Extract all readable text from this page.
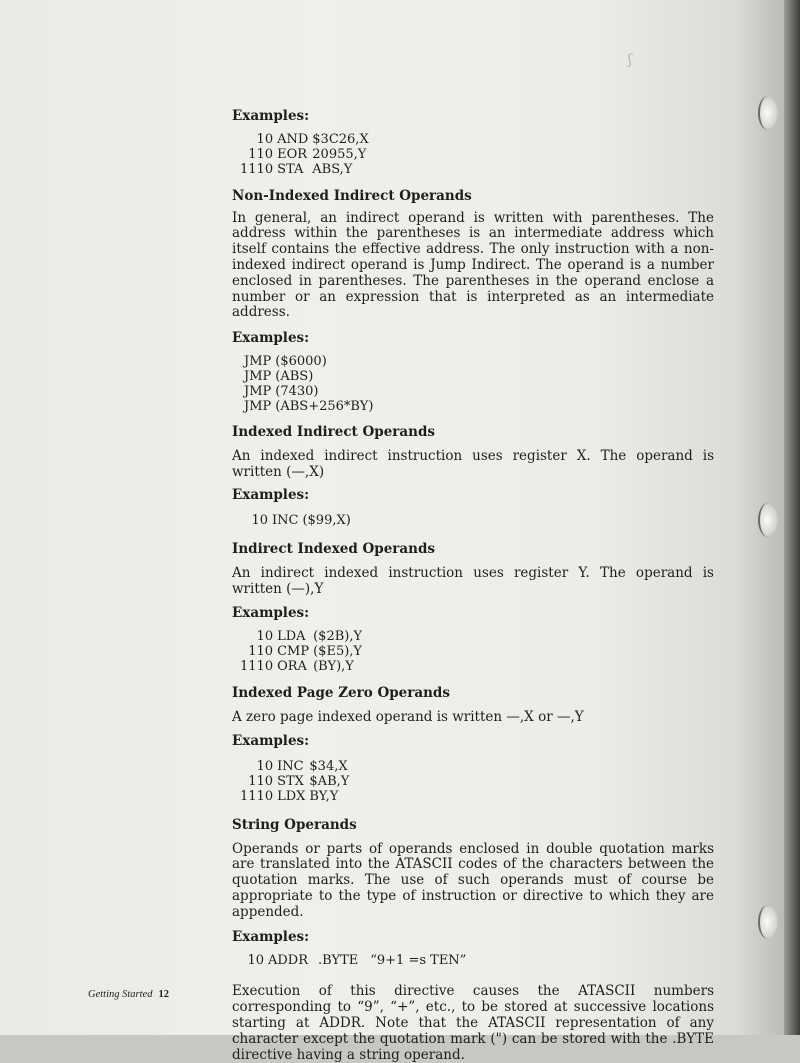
ʃ

Examples:

10	AND	$3C26,X
110	EOR	20955,Y
1110	STA	ABS,Y

Non-Indexed Indirect Operands

In general, an indirect operand is written with parentheses. The address within the parentheses is an intermediate address which itself contains the effective address. The only instruction with a non-indexed indirect operand is Jump Indirect. The operand is a number enclosed in parentheses. The parentheses in the operand enclose a number or an expression that is interpreted as an intermediate address.

Examples:

JMP	($6000)
JMP	(ABS)
JMP	(7430)
JMP	(ABS+256*BY)

Indexed Indirect Operands

An indexed indirect instruction uses register X. The operand is written (—,X)

Examples:

10	INC	($99,X)

Indirect Indexed Operands

An indirect indexed instruction uses register Y. The operand is written (—),Y

Examples:

10	LDA	($2B),Y
110	CMP	($E5),Y
1110	ORA	(BY),Y

Indexed Page Zero Operands

A zero page indexed operand is written —,X or —,Y

Examples:

10	INC	$34,X
110	STX	$AB,Y
1110	LDX	BY,Y

String Operands

Operands or parts of operands enclosed in double quotation marks are translated into the ATASCII codes of the characters between the quotation marks. The use of such operands must of course be appropriate to the type of instruction or directive to which they are appended.

Examples:

10	ADDR	.BYTE	“9+1 =s TEN”

Execution of this directive causes the ATASCII numbers corresponding to “9”, “+”, etc., to be stored at successive locations starting at ADDR. Note that the ATASCII representation of any character except the quotation mark (") can be stored with the .BYTE directive having a string operand.

Getting Started 12
